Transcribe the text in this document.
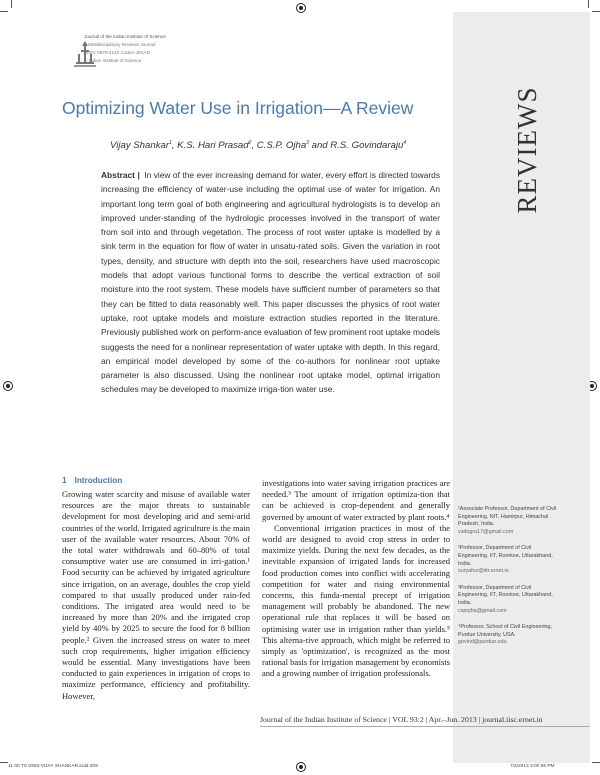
REVIEWS
Journal of the Indian Institute of Science
A Multidisciplinary Reviews Journal
ISSN: 0970-4140 Coden-JIISAD
© Indian Institute of Science
Optimizing Water Use in Irrigation—A Review
Vijay Shankar$^1$, K.S. Hari Prasad$^2$, C.S.P. Ojha$^3$ and R.S. Govindaraju$^4$
Abstract | In view of the ever increasing demand for water, every effort is directed towards increasing the efficiency of water-use including the optimal use of water for irrigation. An important long term goal of both engineering and agricultural hydrologists is to develop an improved under-standing of the hydrologic processes involved in the transport of water from soil into and through vegetation. The process of root water uptake is modelled by a sink term in the equation for flow of water in unsatu-rated soils. Given the variation in root types, density, and structure with depth into the soil, researchers have used macroscopic models that adopt various functional forms to describe the vertical extraction of soil moisture into the root system. These models have sufficient number of parameters so that they can be fitted to data reasonably well. This paper discusses the physics of root water uptake, root uptake models and moisture extraction studies reported in the literature. Previously published work on perform-ance evaluation of few prominent root uptake models suggests the need for a nonlinear representation of water uptake with depth. In this regard, an empirical model developed by some of the co-authors for nonlinear root uptake parameter is also discussed. Using the nonlinear root uptake model, optimal irrigation schedules may be developed to maximize irriga-tion water use.
1 Introduction

Growing water scarcity and misuse of available water resources are the major threats to sustainable development for most developing arid and semi-arid countries of the world. Irrigated agriculture is the main user of the available water resources. About 70% of the total water withdrawals and 60–80% of total consumptive water use are consumed in irri-gation.¹ Food security can be achieved by irrigated agriculture since irrigation, on an average, doubles the crop yield compared to that usually produced under rain-fed conditions. The irrigated area would need to be increased by more than 20% and the irrigated crop yield by 40% by 2025 to secure the food for 8 billion people.² Given the increased stress on water to meet such crop requirements, higher irrigation efficiency would be essential. Many investigations have been conducted to gain experiences in irrigation of crops to maximize performance, efficiency and profitability. However,

investigations into water saving irrigation practices are needed.³ The amount of irrigation optimiza-tion that can be achieved is crop-dependent and generally governed by amount of water extracted by plant roots.⁴

Conventional irrigation practices in most of the world are designed to avoid crop stress in order to maximize yields. During the next few decades, as the inevitable expansion of irrigated lands for increased food production comes into conflict with accelerating competition for water and rising environmental concerns, this funda-mental precept of irrigation management will probably be abandoned. The new operational rule that replaces it will be based on optimising water use in irrigation rather than yields.⁵ This alterna-tive approach, which might be referred to simply as 'optimization', is recognized as the most rational basis for irrigation management by economists and a growing number of irrigation professionals.

¹Associate Professor, Department of Civil Engineering, NIT, Hamirpur, Himachal Pradesh, India.
vsdogra17@gmail.com
²Professor, Department of Civil Engineering, IIT, Roorkee, Uttarakhand, India.
suryafce@iitr.ernet.in
³Professor, Department of Civil Engineering, IIT, Roorkee, Uttarakhand, India.
cspojha@gmail.com
⁴Professor, School of Civil Engineering, Purdue University, USA.
govind@purdue.edu
Journal of the Indian Institute of Science | VOL 93:2 | Apr.–Jun. 2013 | journal.iisc.ernet.in
11 00 TS 0303-VIJAY SHANKAR.indd 209	7/2/2013 3:00:56 PM
